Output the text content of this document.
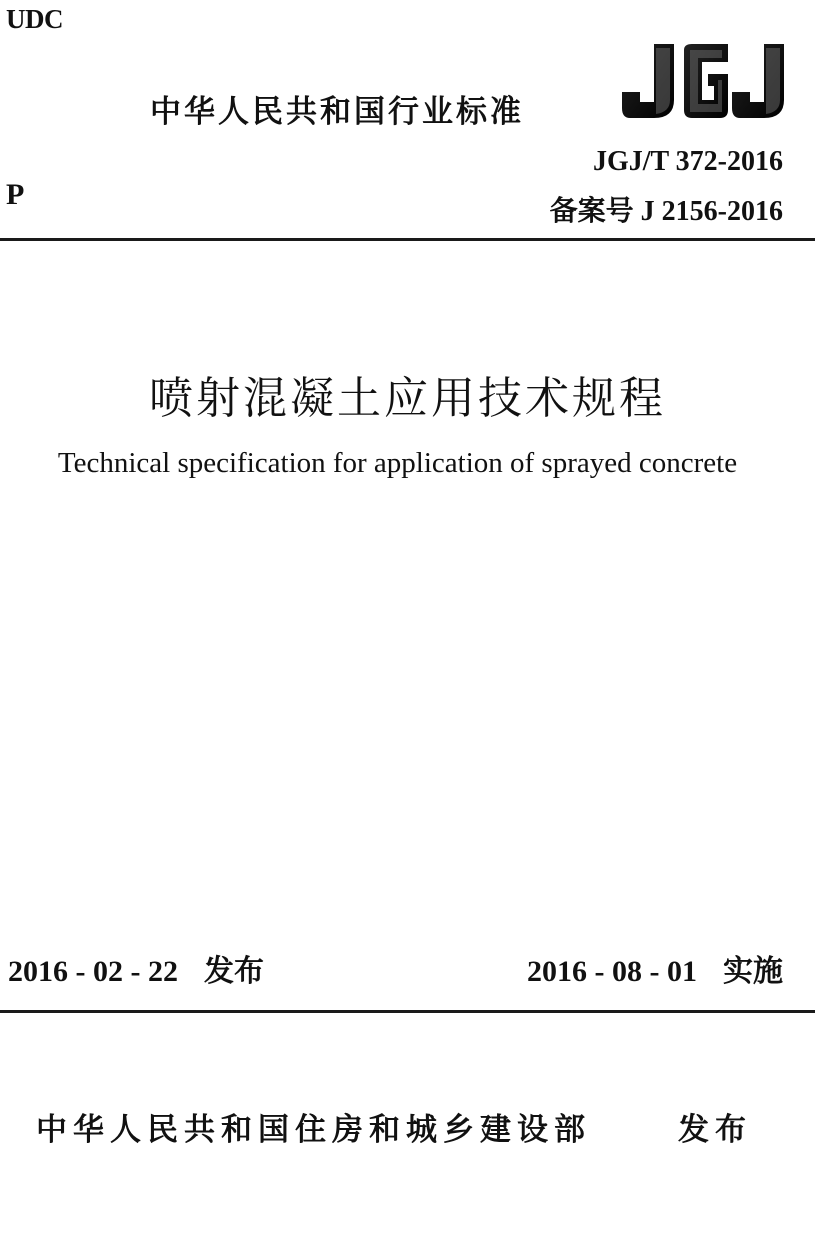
UDC
中华人民共和国行业标准
P
JGJ/T 372-2016
备案号 J 2156-2016
喷射混凝土应用技术规程
Technical specification for application of sprayed concrete
2016 - 02 - 22 发布	2016 - 08 - 01 实施
中华人民共和国住房和城乡建设部	发布
